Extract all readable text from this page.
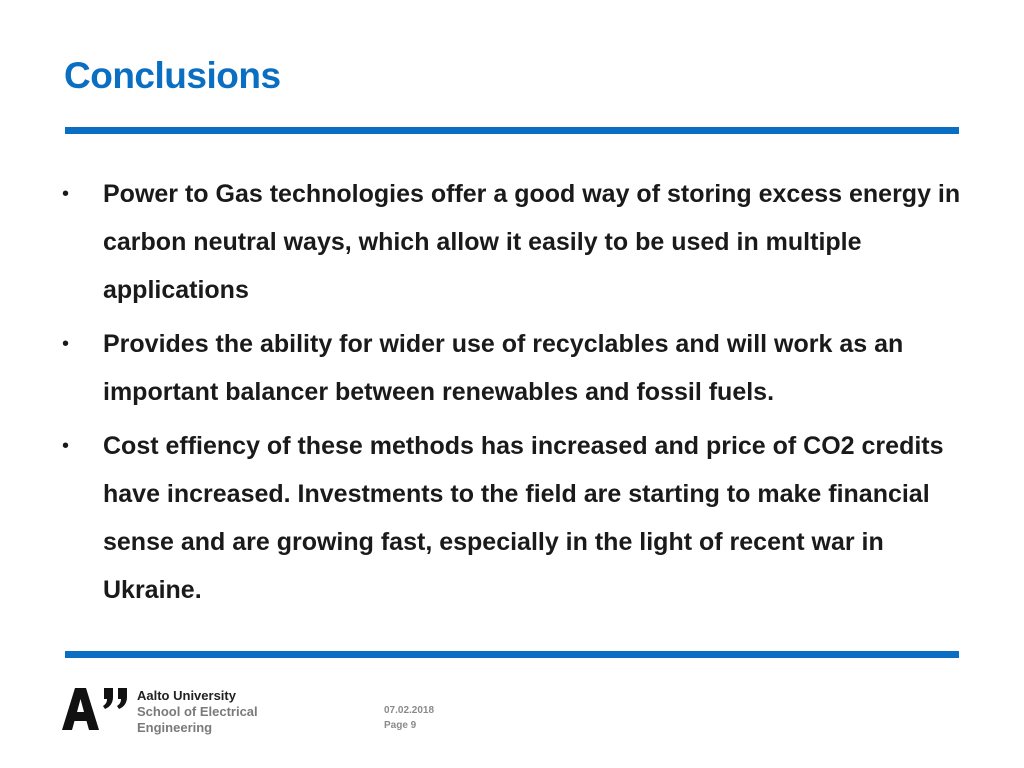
Conclusions
• Power to Gas technologies offer a good way of storing excess energy in carbon neutral ways, which allow it easily to be used in multiple applications
• Provides the ability for wider use of recyclables and will work as an important balancer between renewables and fossil fuels.
• Cost effiency of these methods has increased and price of CO2 credits have increased. Investments to the field are starting to make financial sense and are growing fast, especially in the light of recent war in Ukraine.
Aalto University
School of Electrical
Engineering
07.02.2018
Page 9
